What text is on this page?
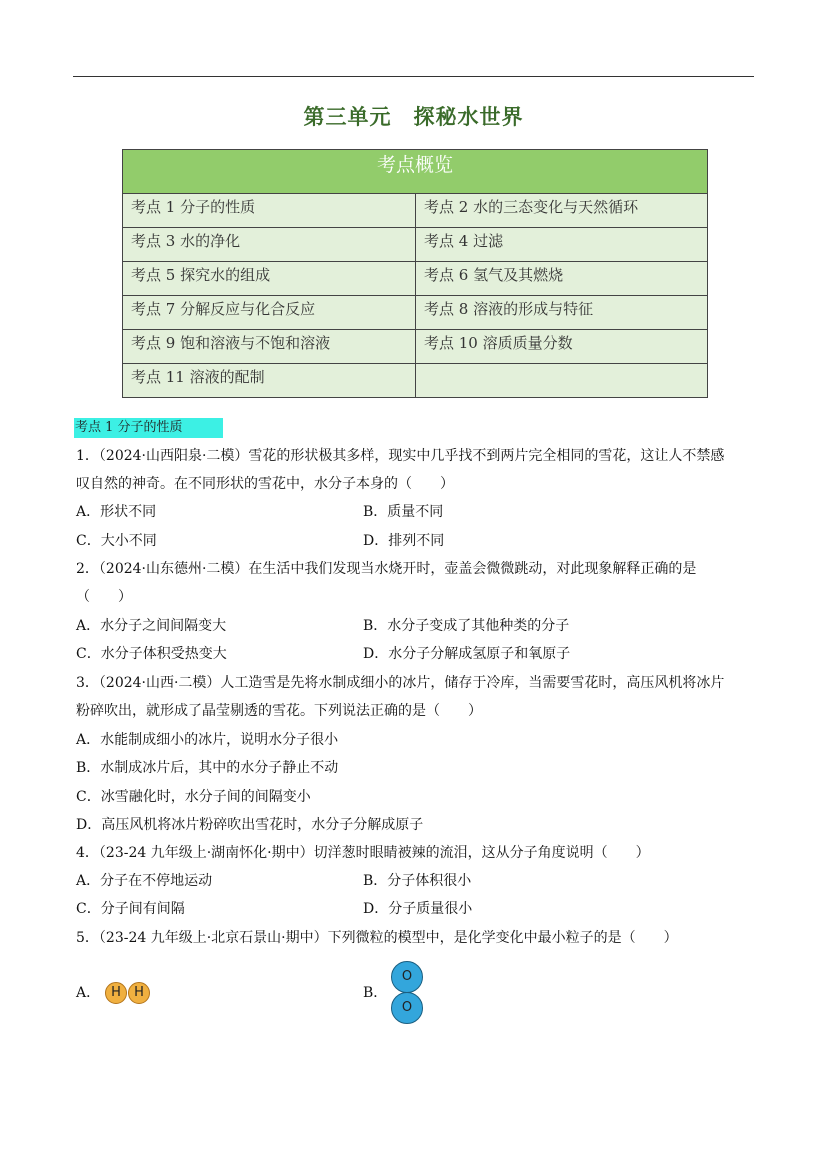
第三单元　探秘水世界
考点概览
考点 1 分子的性质	考点 2 水的三态变化与天然循环
考点 3 水的净化	考点 4 过滤
考点 5 探究水的组成	考点 6 氢气及其燃烧
考点 7 分解反应与化合反应	考点 8 溶液的形成与特征
考点 9 饱和溶液与不饱和溶液	考点 10 溶质质量分数
考点 11 溶液的配制
考点 1 分子的性质
1．（2024·山西阳泉·二模）雪花的形状极其多样，现实中几乎找不到两片完全相同的雪花，这让人不禁感
叹自然的神奇。在不同形状的雪花中，水分子本身的（　　）
A．形状不同	B．质量不同
C．大小不同	D．排列不同
2．（2024·山东德州·二模）在生活中我们发现当水烧开时，壶盖会微微跳动，对此现象解释正确的是
（　　）
A．水分子之间间隔变大	B．水分子变成了其他种类的分子
C．水分子体积受热变大	D．水分子分解成氢原子和氧原子
3．（2024·山西·二模）人工造雪是先将水制成细小的冰片，储存于冷库，当需要雪花时，高压风机将冰片
粉碎吹出，就形成了晶莹剔透的雪花。下列说法正确的是（　　）
A．水能制成细小的冰片，说明水分子很小
B．水制成冰片后，其中的水分子静止不动
C．冰雪融化时，水分子间的间隔变小
D．高压风机将冰片粉碎吹出雪花时，水分子分解成原子
4．（23-24 九年级上·湖南怀化·期中）切洋葱时眼睛被辣的流泪，这从分子角度说明（　　）
A．分子在不停地运动	B．分子体积很小
C．分子间有间隔	D．分子质量很小
5．（23-24 九年级上·北京石景山·期中）下列微粒的模型中，是化学变化中最小粒子的是（　　）
A． H	H	B．
O
O
